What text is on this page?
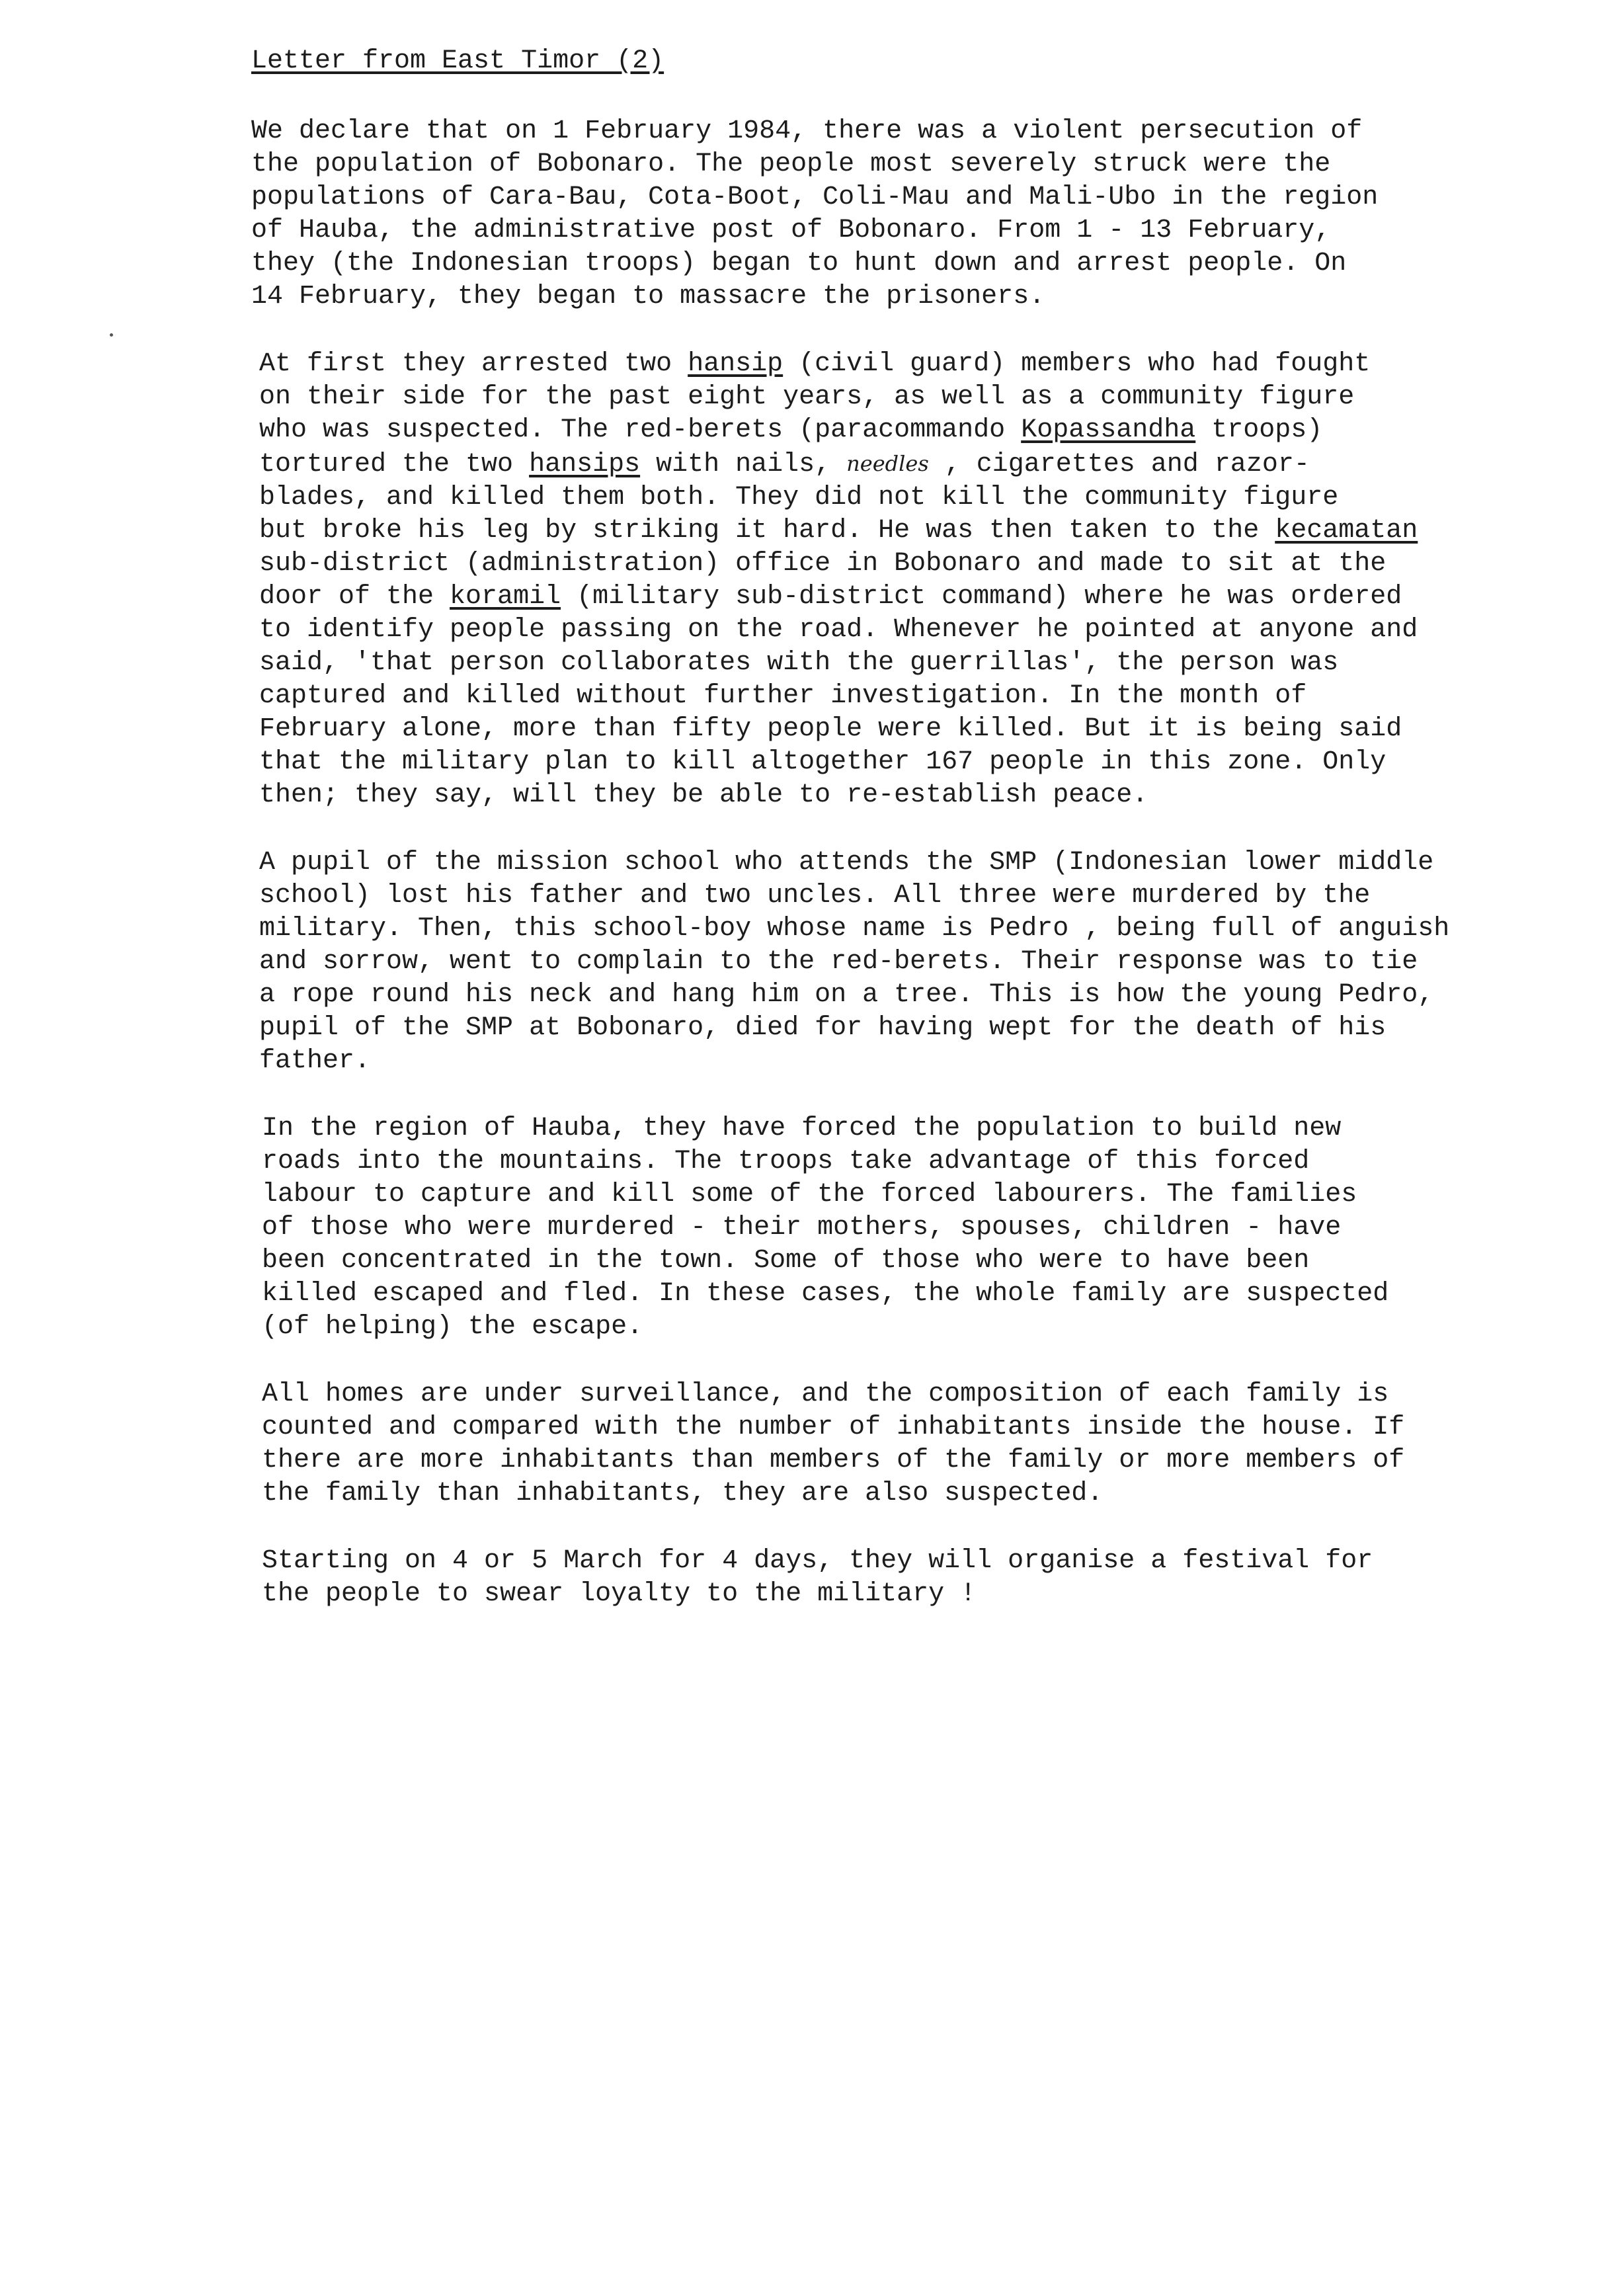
Letter from East Timor (2)
We declare that on 1 February 1984, there was a violent persecution of
the population of Bobonaro. The people most severely struck were the
populations of Cara-Bau, Cota-Boot, Coli-Mau and Mali-Ubo in the region
of Hauba, the administrative post of Bobonaro. From 1 - 13 February,
they (the Indonesian troops) began to hunt down and arrest people. On
14 February, they began to massacre the prisoners.
At first they arrested two hansip (civil guard) members who had fought
on their side for the past eight years, as well as a community figure
who was suspected. The red-berets (paracommando Kopassandha troops)
tortured the two hansips with nails, needles , cigarettes and razor-
blades, and killed them both. They did not kill the community figure
but broke his leg by striking it hard. He was then taken to the kecamatan
sub-district (administration) office in Bobonaro and made to sit at the
door of the koramil (military sub-district command) where he was ordered
to identify people passing on the road. Whenever he pointed at anyone and
said, 'that person collaborates with the guerrillas', the person was
captured and killed without further investigation. In the month of
February alone, more than fifty people were killed. But it is being said
that the military plan to kill altogether 167 people in this zone. Only
then; they say, will they be able to re-establish peace.
A pupil of the mission school who attends the SMP (Indonesian lower middle
school) lost his father and two uncles. All three were murdered by the
military. Then, this school-boy whose name is Pedro , being full of anguish
and sorrow, went to complain to the red-berets. Their response was to tie
a rope round his neck and hang him on a tree. This is how the young Pedro,
pupil of the SMP at Bobonaro, died for having wept for the death of his
father.
In the region of Hauba, they have forced the population to build new
roads into the mountains. The troops take advantage of this forced
labour to capture and kill some of the forced labourers. The families
of those who were murdered - their mothers, spouses, children - have
been concentrated in the town. Some of those who were to have been
killed escaped and fled. In these cases, the whole family are suspected
(of helping) the escape.
All homes are under surveillance, and the composition of each family is
counted and compared with the number of inhabitants inside the house. If
there are more inhabitants than members of the family or more members of
the family than inhabitants, they are also suspected.
Starting on 4 or 5 March for 4 days, they will organise a festival for
the people to swear loyalty to the military !
